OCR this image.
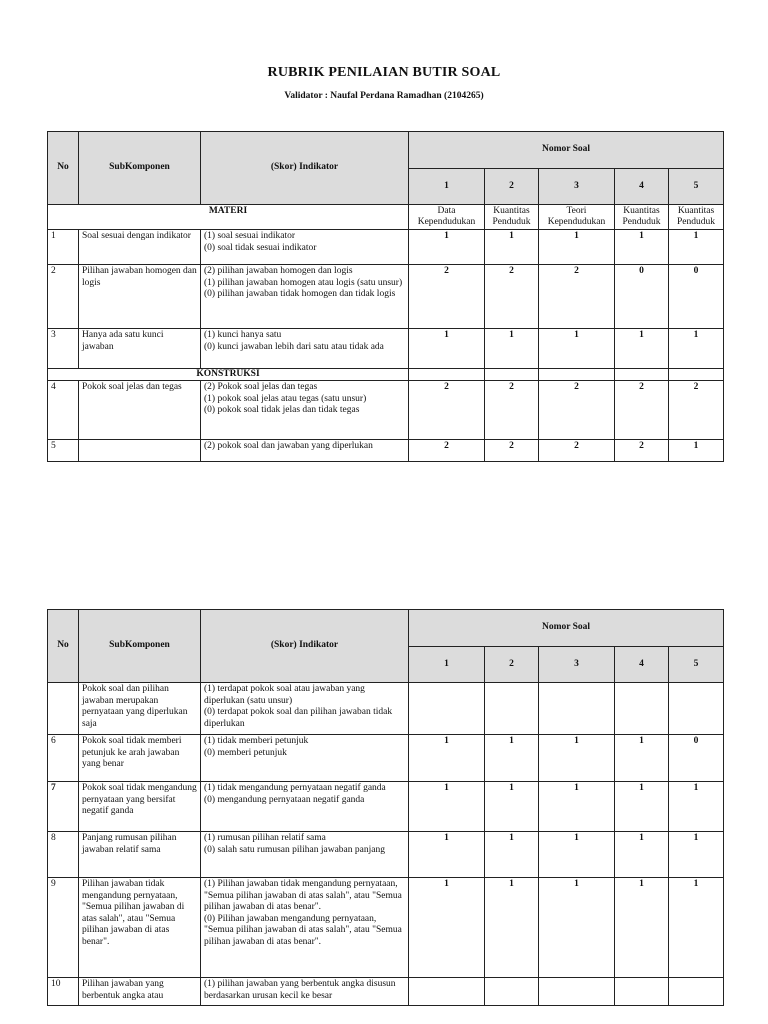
RUBRIK PENILAIAN BUTIR SOAL
Validator : Naufal Perdana Ramadhan (2104265)
No	SubKomponen	(Skor) Indikator	Nomor Soal				
			1	2	3	4	5
MATERI			Data Kependudukan	Kuantitas Penduduk	Teori Kependudukan	Kuantitas Penduduk	Kuantitas Penduduk
1	Soal sesuai dengan indikator	(1) soal sesuai indikator
(0) soal tidak sesuai indikator	1	1	1	1	1
2	Pilihan jawaban homogen dan logis	(2) pilihan jawaban homogen dan logis
(1) pilihan jawaban homogen atau logis (satu unsur)
(0) pilihan jawaban tidak homogen dan tidak logis	2	2	2	0	0
3	Hanya ada satu kunci jawaban	(1) kunci hanya satu
(0) kunci jawaban lebih dari satu atau tidak ada	1	1	1	1	1
KONSTRUKSI							
4	Pokok soal jelas dan tegas	(2) Pokok soal jelas dan tegas
(1) pokok soal jelas atau tegas (satu unsur)
(0) pokok soal tidak jelas dan tidak tegas	2	2	2	2	2
5		(2) pokok soal dan jawaban yang diperlukan	2	2	2	2	1
No	SubKomponen	(Skor) Indikator	Nomor Soal				
			1	2	3	4	5
	Pokok soal dan pilihan jawaban merupakan pernyataan yang diperlukan saja	(1) terdapat pokok soal atau jawaban yang diperlukan (satu unsur)
(0) terdapat pokok soal dan pilihan jawaban tidak diperlukan					

6	Pokok soal tidak memberi petunjuk ke arah jawaban yang benar	(1) tidak memberi petunjuk
(0) memberi petunjuk	1	1	1	1	0
7	Pokok soal tidak mengandung pernyataan yang bersifat negatif ganda	(1) tidak mengandung pernyataan negatif ganda
(0) mengandung pernyataan negatif ganda	1	1	1	1	1
8	Panjang rumusan pilihan jawaban relatif sama	(1) rumusan pilihan relatif sama
(0) salah satu rumusan pilihan jawaban panjang	1	1	1	1	1
9	Pilihan jawaban tidak mengandung pernyataan, "Semua pilihan jawaban di atas salah", atau "Semua pilihan jawaban di atas benar".	(1) Pilihan jawaban tidak mengandung pernyataan, "Semua pilihan jawaban di atas salah", atau "Semua pilihan jawaban di atas benar".
(0) Pilihan jawaban mengandung pernyataan, "Semua pilihan jawaban di atas salah", atau "Semua pilihan jawaban di atas benar".	1	1	1	1	1
10	Pilihan jawaban yang berbentuk angka atau	(1) pilihan jawaban yang berbentuk angka disusun berdasarkan urusan kecil ke besar					
